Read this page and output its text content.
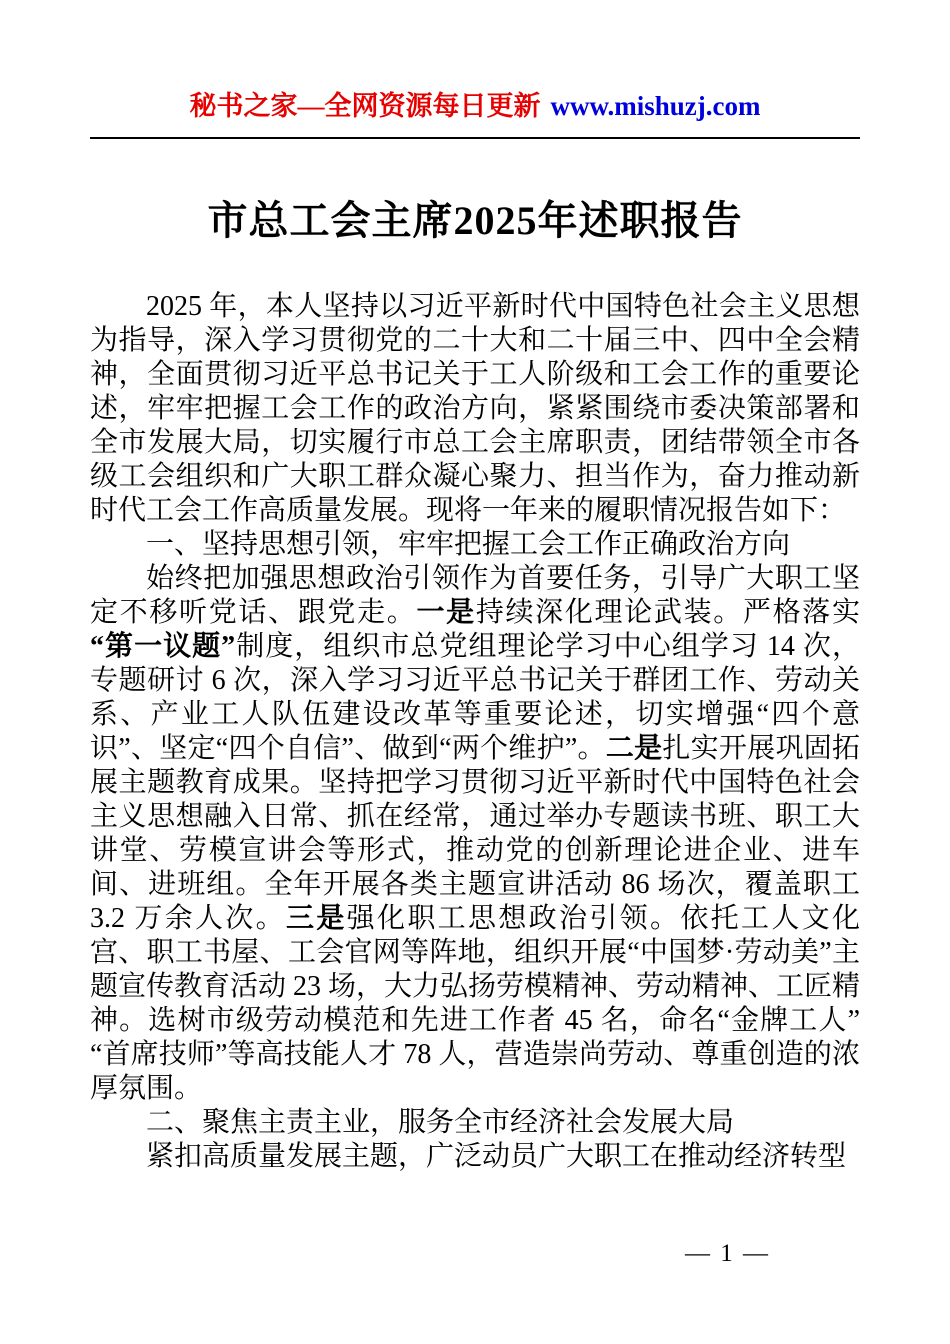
秘书之家—全网资源每日更新 www.mishuzj.com
市总工会主席2025年述职报告

2025 年，本人坚持以习近平新时代中国特色社会主义思想为指导，深入学习贯彻党的二十大和二十届三中、四中全会精神，全面贯彻习近平总书记关于工人阶级和工会工作的重要论述，牢牢把握工会工作的政治方向，紧紧围绕市委决策部署和全市发展大局，切实履行市总工会主席职责，团结带领全市各级工会组织和广大职工群众凝心聚力、担当作为，奋力推动新时代工会工作高质量发展。现将一年来的履职情况报告如下：

一、坚持思想引领，牢牢把握工会工作正确政治方向

始终把加强思想政治引领作为首要任务，引导广大职工坚定不移听党话、跟党走。一是持续深化理论武装。严格落实“第一议题”制度，组织市总党组理论学习中心组学习 14 次，专题研讨 6 次，深入学习习近平总书记关于群团工作、劳动关系、产业工人队伍建设改革等重要论述，切实增强“四个意识”、坚定“四个自信”、做到“两个维护”。二是扎实开展巩固拓展主题教育成果。坚持把学习贯彻习近平新时代中国特色社会主义思想融入日常、抓在经常，通过举办专题读书班、职工大讲堂、劳模宣讲会等形式，推动党的创新理论进企业、进车间、进班组。全年开展各类主题宣讲活动 86 场次，覆盖职工 3.2 万余人次。三是强化职工思想政治引领。依托工人文化宫、职工书屋、工会官网等阵地，组织开展“中国梦·劳动美”主题宣传教育活动 23 场，大力弘扬劳模精神、劳动精神、工匠精神。选树市级劳动模范和先进工作者 45 名，命名“金牌工人”“首席技师”等高技能人才 78 人，营造崇尚劳动、尊重创造的浓厚氛围。

二、聚焦主责主业，服务全市经济社会发展大局

紧扣高质量发展主题，广泛动员广大职工在推动经济转型

— 1 —
